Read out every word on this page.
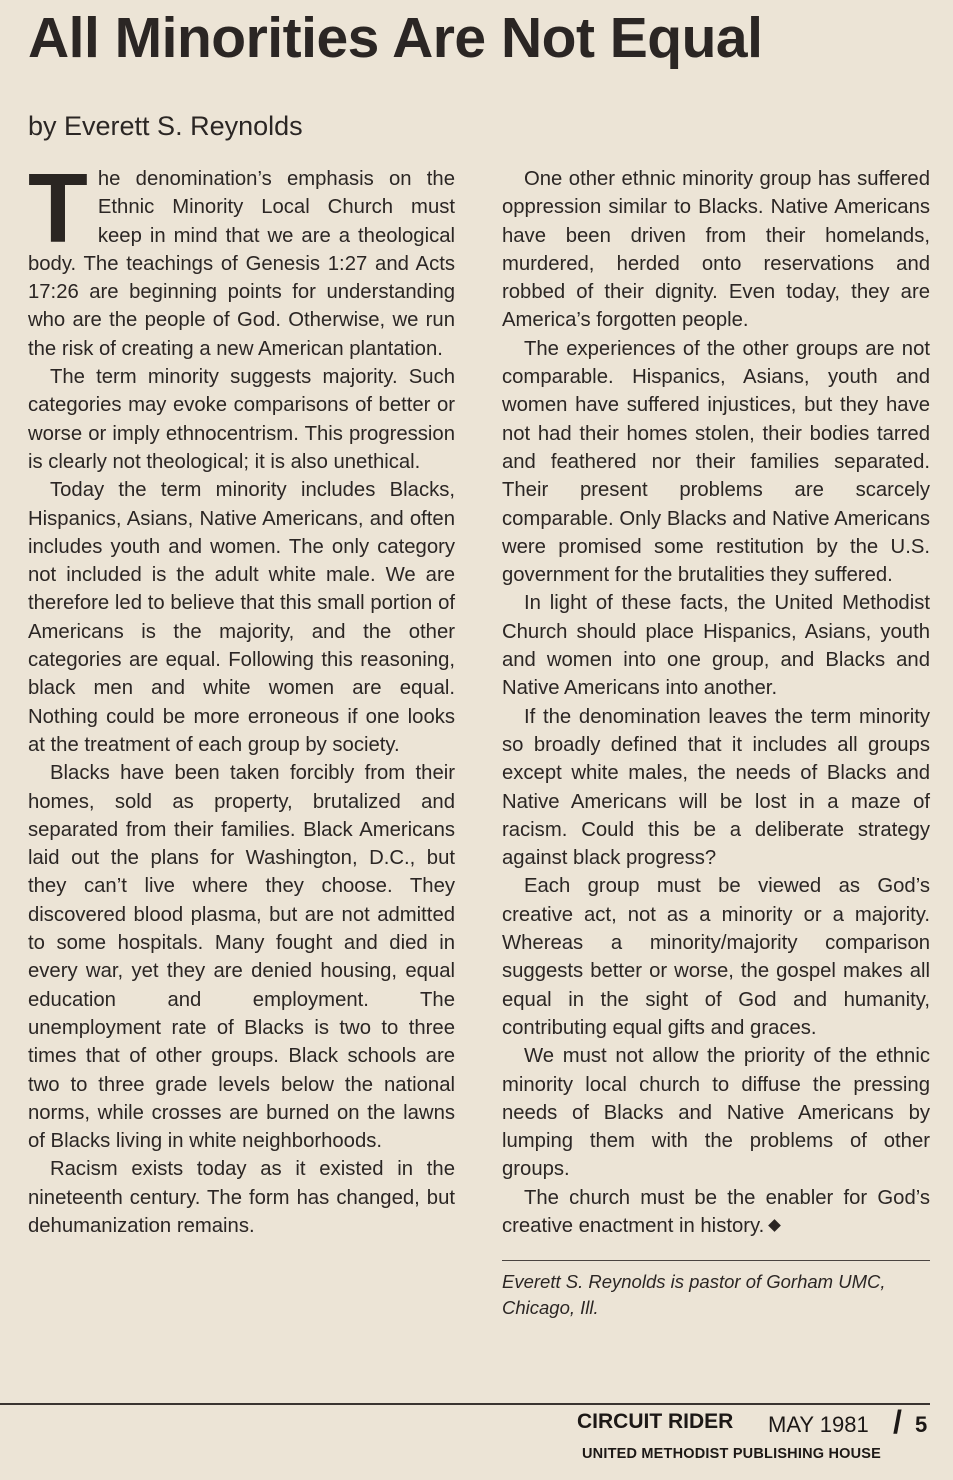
All Minorities Are Not Equal
by Everett S. Reynolds

The denomination’s emphasis on the Ethnic Minority Local Church must keep in mind that we are a theological body. The teachings of Genesis 1:27 and Acts 17:26 are beginning points for understanding who are the people of God. Otherwise, we run the risk of creating a new American plantation.

The term minority suggests majority. Such categories may evoke comparisons of better or worse or imply ethnocentrism. This progression is clearly not theological; it is also unethical.

Today the term minority includes Blacks, Hispanics, Asians, Native Americans, and often includes youth and women. The only category not included is the adult white male. We are therefore led to believe that this small portion of Americans is the majority, and the other categories are equal. Following this reasoning, black men and white women are equal. Nothing could be more erroneous if one looks at the treatment of each group by society.

Blacks have been taken forcibly from their homes, sold as property, brutalized and separated from their families. Black Americans laid out the plans for Washington, D.C., but they can’t live where they choose. They discovered blood plasma, but are not admitted to some hospitals. Many fought and died in every war, yet they are denied housing, equal education and employment. The unemployment rate of Blacks is two to three times that of other groups. Black schools are two to three grade levels below the national norms, while crosses are burned on the lawns of Blacks living in white neighborhoods.

Racism exists today as it existed in the nineteenth century. The form has changed, but dehumanization remains.

One other ethnic minority group has suffered oppression similar to Blacks. Native Americans have been driven from their homelands, murdered, herded onto reservations and robbed of their dignity. Even today, they are America’s forgotten people.

The experiences of the other groups are not comparable. Hispanics, Asians, youth and women have suffered injustices, but they have not had their homes stolen, their bodies tarred and feathered nor their families separated. Their present problems are scarcely comparable. Only Blacks and Native Americans were promised some restitution by the U.S. government for the brutalities they suffered.

In light of these facts, the United Methodist Church should place Hispanics, Asians, youth and women into one group, and Blacks and Native Americans into another.

If the denomination leaves the term minority so broadly defined that it includes all groups except white males, the needs of Blacks and Native Americans will be lost in a maze of racism. Could this be a deliberate strategy against black progress?

Each group must be viewed as God’s creative act, not as a minority or a majority. Whereas a minority/majority comparison suggests better or worse, the gospel makes all equal in the sight of God and humanity, contributing equal gifts and graces.

We must not allow the priority of the ethnic minority local church to diffuse the pressing needs of Blacks and Native Americans by lumping them with the problems of other groups.

The church must be the enabler for God’s creative enactment in history.

Everett S. Reynolds is pastor of Gorham UMC, Chicago, Ill.
CIRCUIT RIDER MAY 1981 / 5
UNITED METHODIST PUBLISHING HOUSE
